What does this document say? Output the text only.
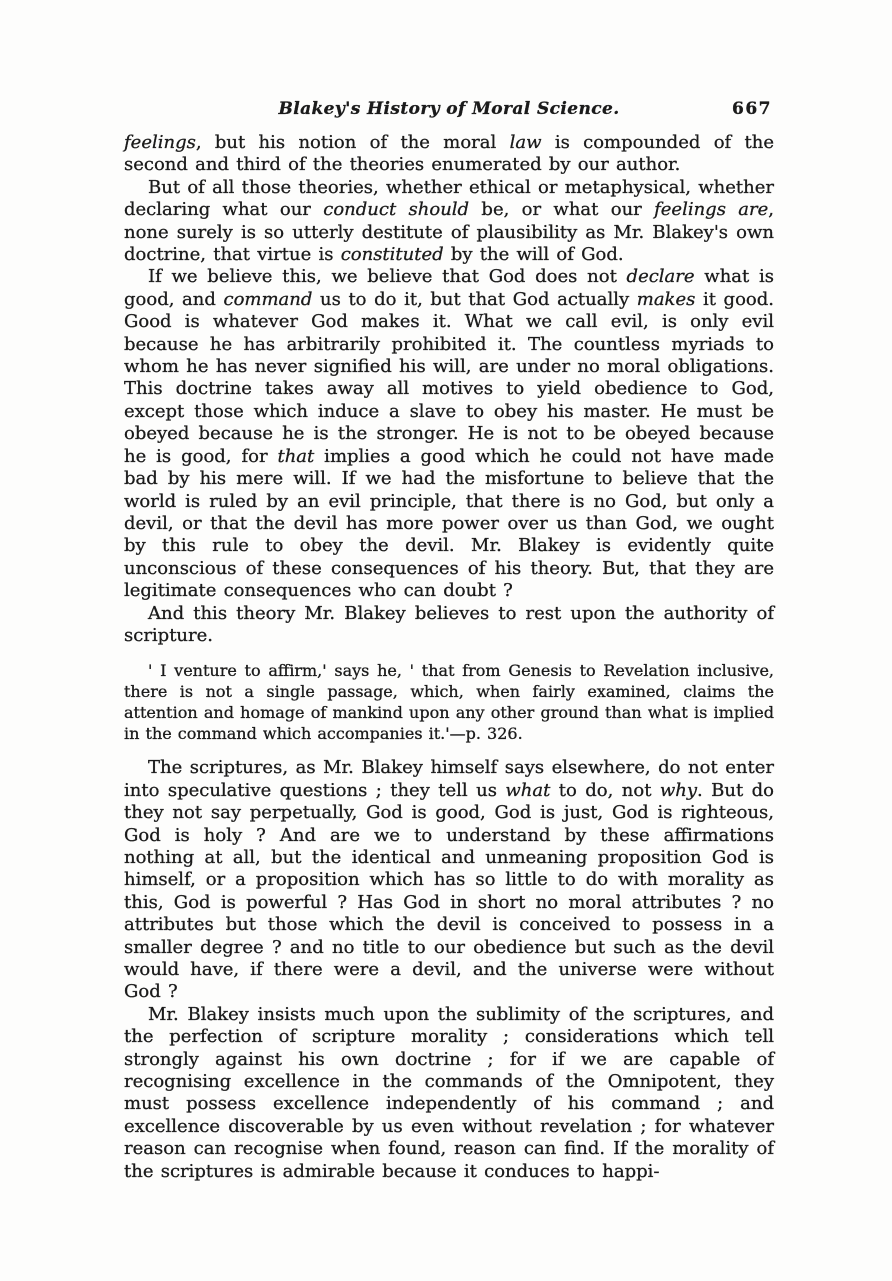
Blakey's History of Moral Science.	667

feelings, but his notion of the moral law is compounded of the second and third of the theories enumerated by our author.

But of all those theories, whether ethical or metaphysical, whether declaring what our conduct should be, or what our feelings are, none surely is so utterly destitute of plausibility as Mr. Blakey's own doctrine, that virtue is constituted by the will of God.

If we believe this, we believe that God does not declare what is good, and command us to do it, but that God actually makes it good. Good is whatever God makes it. What we call evil, is only evil because he has arbitrarily prohibited it. The countless myriads to whom he has never signified his will, are under no moral obligations. This doctrine takes away all motives to yield obedience to God, except those which induce a slave to obey his master. He must be obeyed because he is the stronger. He is not to be obeyed because he is good, for that implies a good which he could not have made bad by his mere will. If we had the misfortune to believe that the world is ruled by an evil principle, that there is no God, but only a devil, or that the devil has more power over us than God, we ought by this rule to obey the devil. Mr. Blakey is evidently quite unconscious of these consequences of his theory. But, that they are legitimate consequences who can doubt ?

And this theory Mr. Blakey believes to rest upon the authority of scripture.

' I venture to affirm,' says he, ' that from Genesis to Revelation inclusive, there is not a single passage, which, when fairly examined, claims the attention and homage of mankind upon any other ground than what is implied in the command which accompanies it.'—p. 326.

The scriptures, as Mr. Blakey himself says elsewhere, do not enter into speculative questions ; they tell us what to do, not why. But do they not say perpetually, God is good, God is just, God is righteous, God is holy ? And are we to understand by these affirmations nothing at all, but the identical and unmeaning proposition God is himself, or a proposition which has so little to do with morality as this, God is powerful ? Has God in short no moral attributes ? no attributes but those which the devil is conceived to possess in a smaller degree ? and no title to our obedience but such as the devil would have, if there were a devil, and the universe were without God ?

Mr. Blakey insists much upon the sublimity of the scriptures, and the perfection of scripture morality ; considerations which tell strongly against his own doctrine ; for if we are capable of recognising excellence in the commands of the Omnipotent, they must possess excellence independently of his command ; and excellence discoverable by us even without revelation ; for whatever reason can recognise when found, reason can find. If the morality of the scriptures is admirable because it conduces to happi-
